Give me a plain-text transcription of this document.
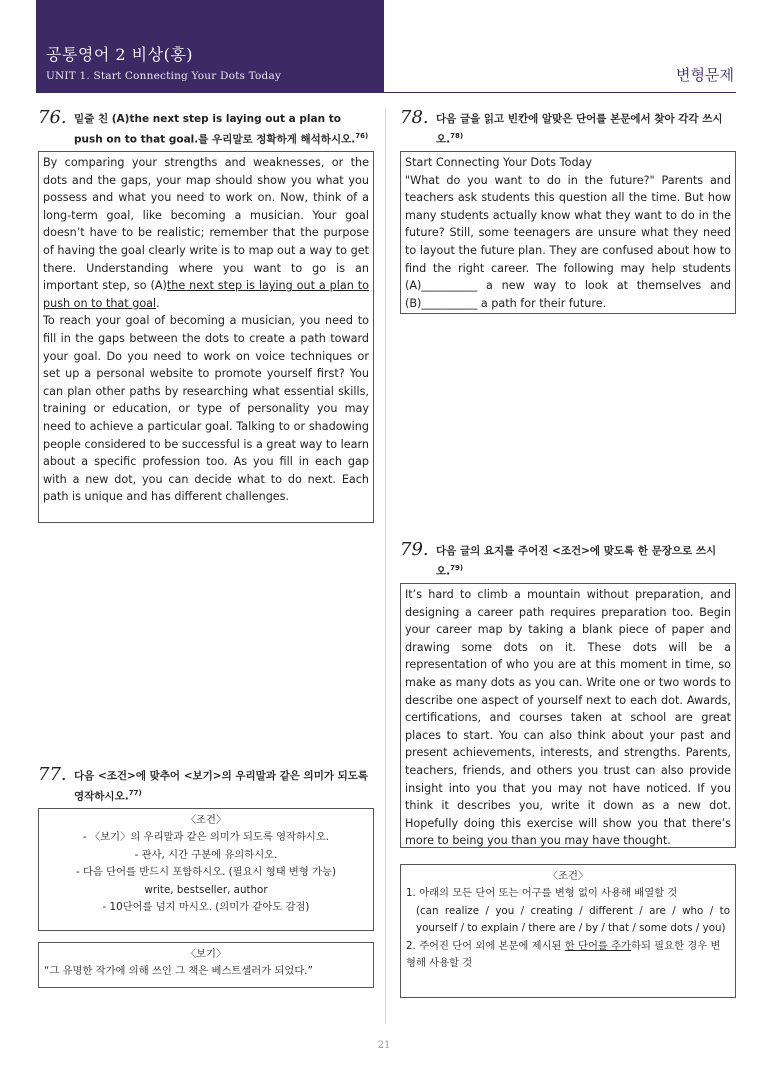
공통영어 2 비상(홍)
UNIT 1. Start Connecting Your Dots Today	변형문제
76. 밑줄 친 (A)the next step is laying out a plan to push on to that goal.를 우리말로 정확하게 해석하시오.$^{76)}$

By comparing your strengths and weaknesses, or the dots and the gaps, your map should show you what you possess and what you need to work on. Now, think of a long-term goal, like becoming a musician. Your goal doesn’t have to be realistic; remember that the purpose of having the goal clearly write is to map out a way to get there. Understanding where you want to go is an important step, so (A)the next step is laying out a plan to push on to that goal.

To reach your goal of becoming a musician, you need to fill in the gaps between the dots to create a path toward your goal. Do you need to work on voice techniques or set up a personal website to promote yourself first? You can plan other paths by researching what essential skills, training or education, or type of personality you may need to achieve a particular goal. Talking to or shadowing people considered to be successful is a great way to learn about a specific profession too. As you fill in each gap with a new dot, you can decide what to do next. Each path is unique and has different challenges.

77. 다음 <조건>에 맞추어 <보기>의 우리말과 같은 의미가 되도록 영작하시오.$^{77)}$
〈조건〉
- 〈보기〉의 우리말과 같은 의미가 되도록 영작하시오.
- 관사, 시간 구분에 유의하시오.
- 다음 단어를 반드시 포함하시오. (필요시 형태 변형 가능)
write, bestseller, author
- 10단어를 넘지 마시오. (의미가 같아도 감점)
〈보기〉
“그 유명한 작가에 의해 쓰인 그 책은 베스트셀러가 되었다.”
78. 다음 글을 읽고 빈칸에 알맞은 단어를 본문에서 찾아 각각 쓰시오.$^{78)}$

Start Connecting Your Dots Today

"What do you want to do in the future?" Parents and teachers ask students this question all the time. But how many students actually know what they want to do in the future? Still, some teenagers are unsure what they need to layout the future plan. They are confused about how to find the right career. The following may help students (A)__________ a new way to look at themselves and (B)__________ a path for their future.

79. 다음 글의 요지를 주어진 <조건>에 맞도록 한 문장으로 쓰시오.$^{79)}$

It’s hard to climb a mountain without preparation, and designing a career path requires preparation too. Begin your career map by taking a blank piece of paper and drawing some dots on it. These dots will be a representation of who you are at this moment in time, so make as many dots as you can. Write one or two words to describe one aspect of yourself next to each dot. Awards, certifications, and courses taken at school are great places to start. You can also think about your past and present achievements, interests, and strengths. Parents, teachers, friends, and others you trust can also provide insight into you that you may not have noticed. If you think it describes you, write it down as a new dot. Hopefully doing this exercise will show you that there’s more to being you than you may have thought.

〈조건〉
1. 아래의 모든 단어 또는 어구를 변형 없이 사용해 배열할 것
(can realize / you / creating / different / are / who / to yourself / to explain / there are / by / that / some dots / you)
2. 주어진 단어 외에 본문에 제시된 한 단어를 추가하되 필요한 경우 변형해 사용할 것
21
